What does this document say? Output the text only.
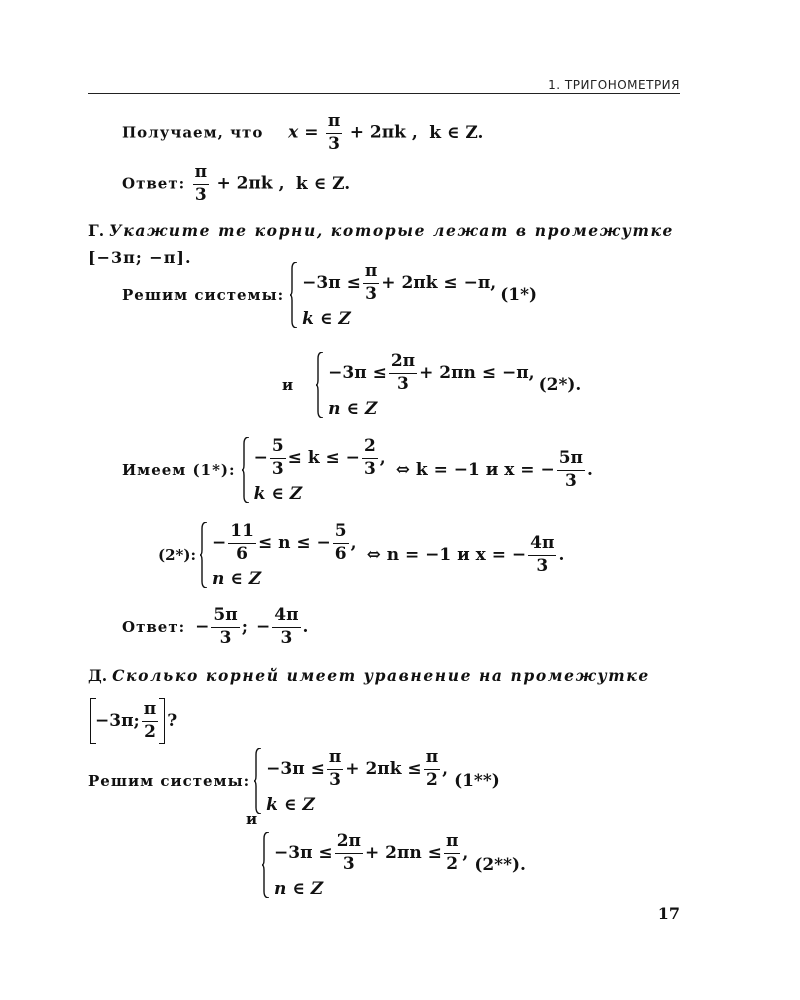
1. ТРИГОНОМЕТРИЯ
Получаем, что $x = \frac{\pi}{3} + 2\pi k$ , k ∈ Z.
Ответ: $\frac{\pi}{3} + 2\pi k$ , k ∈ Z.
Г. Укажите те корни, которые лежат в промежутке
[−3π; −π].
Решим системы:
$-3\pi \le \frac{\pi}{3} + 2\pi k \le -\pi$,
k ∈ Z
(1*)
и
$-3\pi \le \frac{2\pi}{3} + 2\pi n \le -\pi$,
n ∈ Z
(2*).
Имеем (1*):
− $\frac{5}{3} \le k$ ≤ − $\frac{2}{3}$ ,
k ∈ Z
⇔ k = −1 и x = − $\frac{5\pi}{3}$ .
(2*):
− $\frac{11}{6} \le n$ ≤ − $\frac{5}{6}$ ,
n ∈ Z
⇔ n = −1 и x = − $\frac{4\pi}{3}$ .
Ответ: − $\frac{5\pi}{3}$ ; − $\frac{4\pi}{3}$ .
Д. Сколько корней имеет уравнение на промежутке
−3π; $\frac{\pi}{2}$ ?
Решим системы:
$-3\pi \le \frac{\pi}{3} + 2\pi k \le \frac{\pi}{2}$ ,
k ∈ Z
(1**)
и
$-3\pi \le \frac{2\pi}{3} + 2\pi n \le \frac{\pi}{2}$ ,
n ∈ Z
(2**).
17
